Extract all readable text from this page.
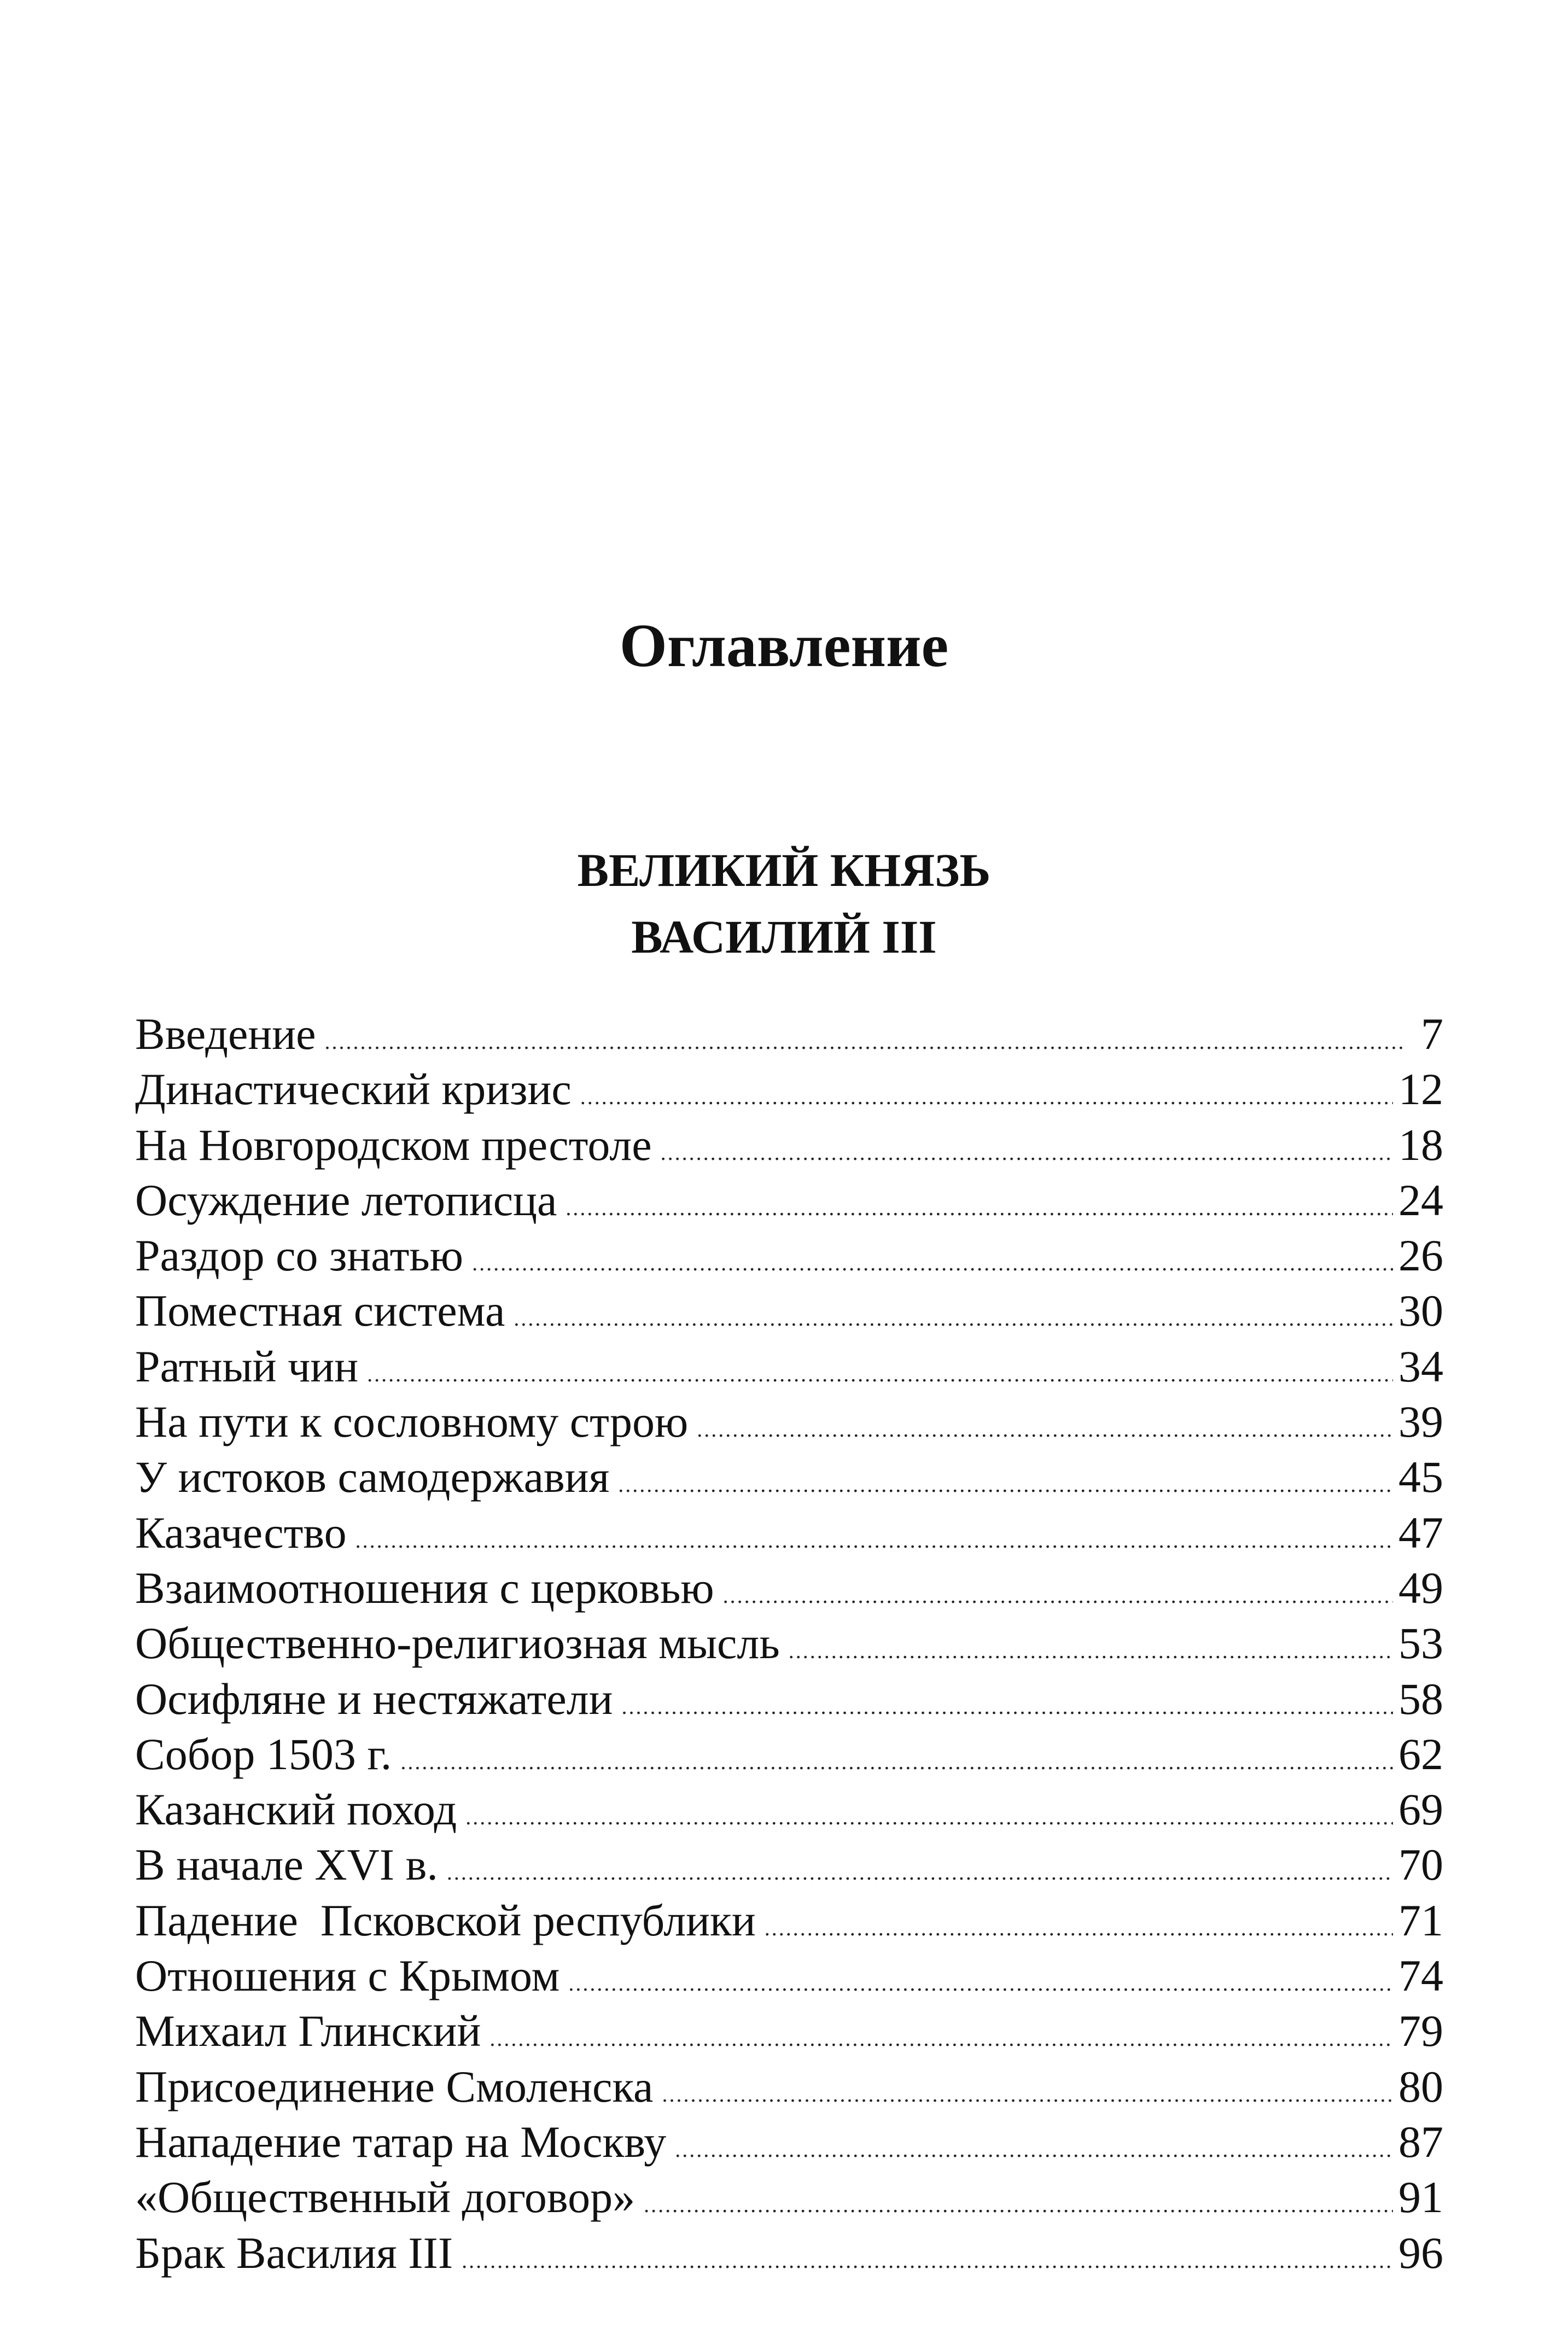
Оглавление
ВЕЛИКИЙ КНЯЗЬ
ВАСИЛИЙ III
Введение .....	7
Династический кризис .....	12
На Новгородском престоле .....	18
Осуждение летописца .....	24
Раздор со знатью .....	26
Поместная система .....	30
Ратный чин .....	34
На пути к сословному строю .....	39
У истоков самодержавия .....	45
Казачество .....	47
Взаимоотношения с церковью .....	49
Общественно-религиозная мысль .....	53
Осифляне и нестяжатели .....	58
Собор 1503 г. .....	62
Казанский поход .....	69
В начале XVI в. .....	70
Падение  Псковской республики .....	71
Отношения с Крымом .....	74
Михаил Глинский .....	79
Присоединение Смоленска .....	80
Нападение татар на Москву .....	87
«Общественный договор» .....	91
Брак Василия III .....	96
